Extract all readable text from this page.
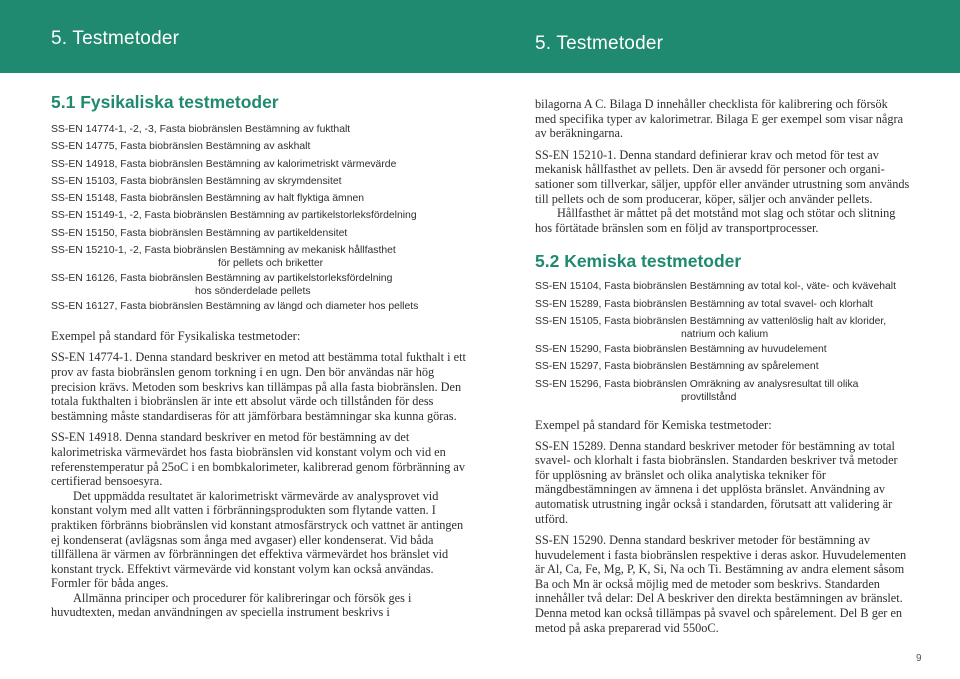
5. Testmetoder	5. Testmetoder
5.1 Fysikaliska testmetoder
SS-EN 14774-1, -2, -3, Fasta biobränslen Bestämning av fukthalt
SS-EN 14775, Fasta biobränslen Bestämning av askhalt
SS-EN 14918, Fasta biobränslen Bestämning av kalorimetriskt värmevärde
SS-EN 15103, Fasta biobränslen Bestämning av skrymdensitet
SS-EN 15148, Fasta biobränslen Bestämning av halt flyktiga ämnen
SS-EN 15149-1, -2, Fasta biobränslen Bestämning av partikelstorleksfördelning
SS-EN 15150, Fasta biobränslen Bestämning av partikeldensitet
SS-EN 15210-1, -2, Fasta biobränslen Bestämning av mekanisk hållfasthet
för pellets och briketter
SS-EN 16126, Fasta biobränslen Bestämning av partikelstorleksfördelning
hos sönderdelade pellets
SS-EN 16127, Fasta biobränslen Bestämning av längd och diameter hos pellets

Exempel på standard för Fysikaliska testmetoder:

SS-EN 14774-1. Denna standard beskriver en metod att bestämma total fukthalt i ett prov av fasta biobränslen genom torkning i en ugn. Den bör användas när hög precision krävs. Metoden som beskrivs kan tillämpas på alla fasta biobränslen. Den totala fukthalten i biobränslen är inte ett absolut värde och tillstånden för dess bestämning måste standardiseras för att jämförbara bestämningar ska kunna göras.

SS-EN 14918. Denna standard beskriver en metod för bestämning av det kalorimetriska värmevärdet hos fasta biobränslen vid konstant volym och vid en referenstemperatur på 25oC i en bombkalorimeter, kalibrerad genom förbränning av certifierad bensoesyra.

Det uppmädda resultatet är kalorimetriskt värmevärde av analysprovet vid konstant volym med allt vatten i förbränningsprodukten som flytande vatten. I praktiken förbränns biobränslen vid konstant atmosfärstryck och vattnet är antingen ej kondenserat (avlägsnas som ånga med avgaser) eller kondenserat. Vid båda tillfällena är värmen av förbränningen det effektiva värmevärdet hos bränslet vid konstant tryck. Effektivt värmevärde vid konstant volym kan också användas. Formler för båda anges.

Allmänna principer och procedurer för kalibreringar och försök ges i huvudtexten, medan användningen av speciella instrument beskrivs i

bilagorna A C. Bilaga D innehåller checklista för kalibrering och försök med specifika typer av kalorimetrar. Bilaga E ger exempel som visar några av beräkningarna.

SS-EN 15210-1. Denna standard definierar krav och metod för test av mekanisk hållfasthet av pellets. Den är avsedd för personer och organi-sationer som tillverkar, säljer, uppför eller använder utrustning som används till pellets och de som producerar, köper, säljer och använder pellets.

Hållfasthet är måttet på det motstånd mot slag och stötar och slitning hos förtätade bränslen som en följd av transportprocesser.

5.2 Kemiska testmetoder
SS-EN 15104, Fasta biobränslen Bestämning av total kol-, väte- och kvävehalt
SS-EN 15289, Fasta biobränslen Bestämning av total svavel- och klorhalt
SS-EN 15105, Fasta biobränslen Bestämning av vattenlöslig halt av klorider,
natrium och kalium
SS-EN 15290, Fasta biobränslen Bestämning av huvudelement
SS-EN 15297, Fasta biobränslen Bestämning av spårelement
SS-EN 15296, Fasta biobränslen Omräkning av analysresultat till olika
provtillstånd

Exempel på standard för Kemiska testmetoder:

SS-EN 15289. Denna standard beskriver metoder för bestämning av total svavel- och klorhalt i fasta biobränslen. Standarden beskriver två metoder för upplösning av bränslet och olika analytiska tekniker för mängdbestämningen av ämnena i det upplösta bränslet. Användning av automatisk utrustning ingår också i standarden, förutsatt att validering är utförd.

SS-EN 15290. Denna standard beskriver metoder för bestämning av huvudelement i fasta biobränslen respektive i deras askor. Huvudelementen är Al, Ca, Fe, Mg, P, K, Si, Na och Ti. Bestämning av andra element såsom Ba och Mn är också möjlig med de metoder som beskrivs. Standarden innehåller två delar: Del A beskriver den direkta bestämningen av bränslet. Denna metod kan också tillämpas på svavel och spårelement. Del B ger en metod på aska preparerad vid 550oC.

9
